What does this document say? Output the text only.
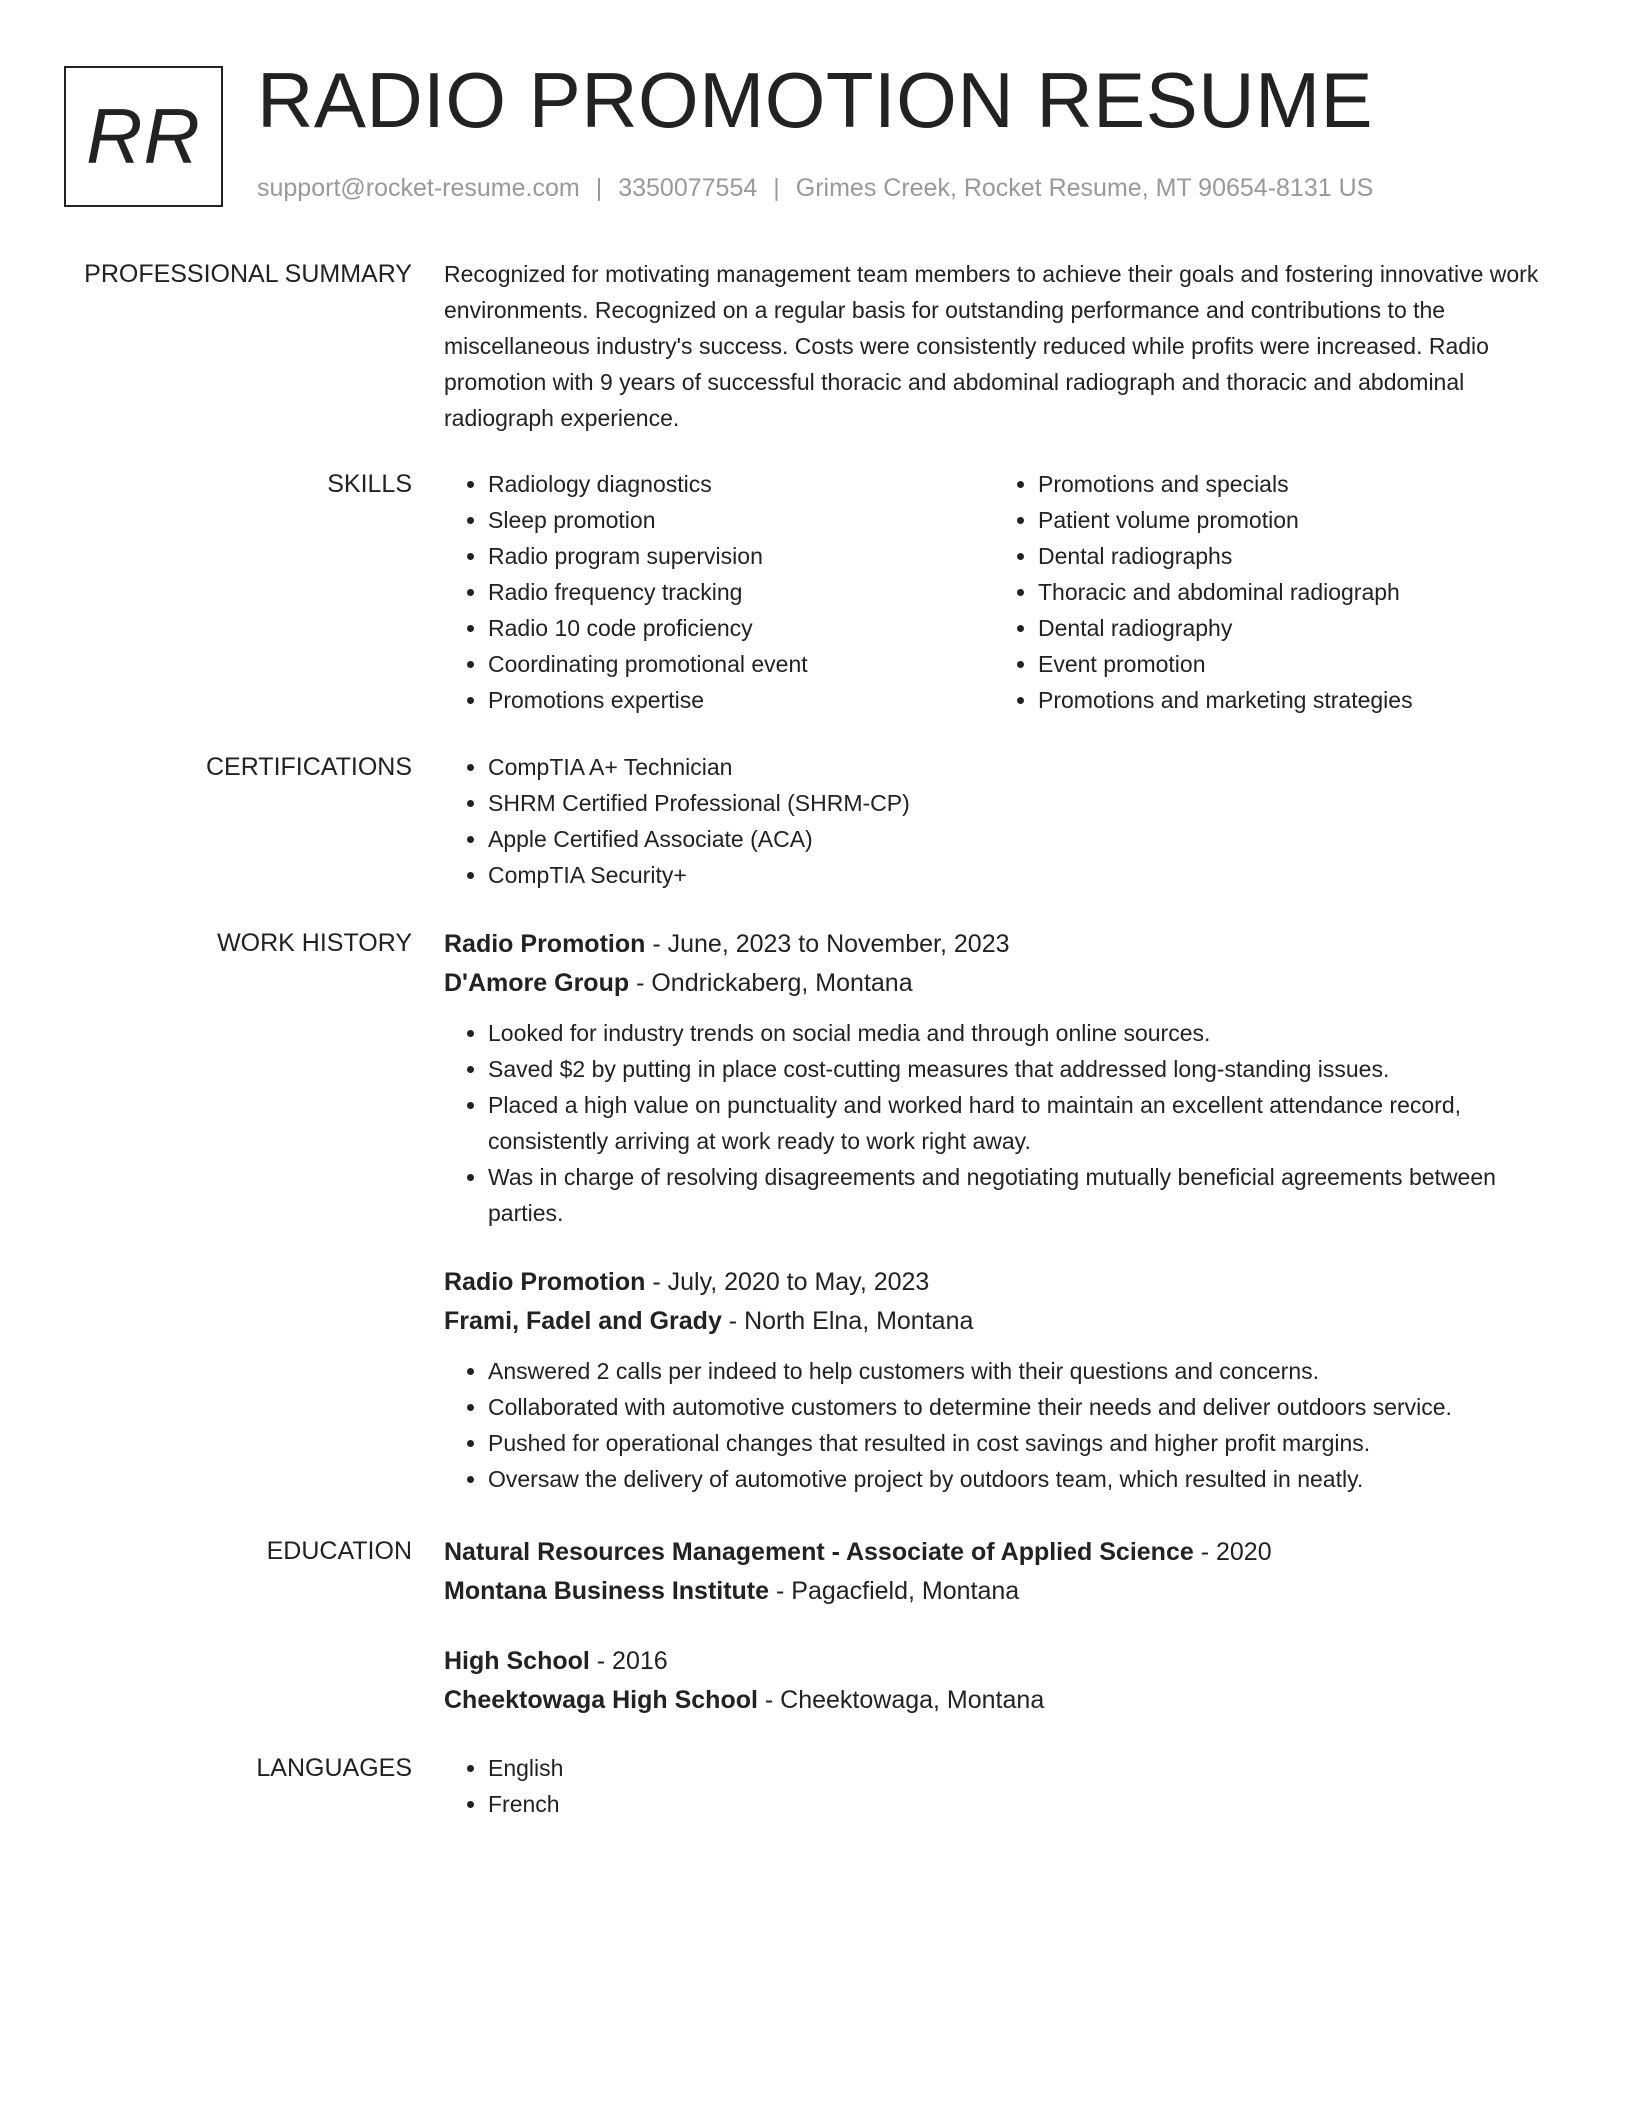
RR RADIO PROMOTION RESUME
support@rocket-resume.com | 3350077554 | Grimes Creek, Rocket Resume, MT 90654-8131 US
PROFESSIONAL SUMMARY Recognized for motivating management team members to achieve their goals and fostering innovative work environments. Recognized on a regular basis for outstanding performance and contributions to the miscellaneous industry's success. Costs were consistently reduced while profits were increased. Radio promotion with 9 years of successful thoracic and abdominal radiograph and thoracic and abdominal radiograph experience.
SKILLS	• Radiology diagnostics
• Sleep promotion
• Radio program supervision
• Radio frequency tracking
• Radio 10 code proficiency
• Coordinating promotional event
• Promotions expertise
• Promotions and specials
• Patient volume promotion
• Dental radiographs
• Thoracic and abdominal radiograph
• Dental radiography
• Event promotion
• Promotions and marketing strategies
CERTIFICATIONS	• CompTIA A+ Technician
• SHRM Certified Professional (SHRM-CP)
• Apple Certified Associate (ACA)
• CompTIA Security+
WORK HISTORY Radio Promotion - June, 2023 to November, 2023
D'Amore Group - Ondrickaberg, Montana
• Looked for industry trends on social media and through online sources.
• Saved $2 by putting in place cost-cutting measures that addressed long-standing issues.
• Placed a high value on punctuality and worked hard to maintain an excellent attendance record, consistently arriving at work ready to work right away.
• Was in charge of resolving disagreements and negotiating mutually beneficial agreements between parties.
Radio Promotion - July, 2020 to May, 2023
Frami, Fadel and Grady - North Elna, Montana
• Answered 2 calls per indeed to help customers with their questions and concerns.
• Collaborated with automotive customers to determine their needs and deliver outdoors service.
• Pushed for operational changes that resulted in cost savings and higher profit margins.
• Oversaw the delivery of automotive project by outdoors team, which resulted in neatly.
EDUCATION Natural Resources Management - Associate of Applied Science - 2020
Montana Business Institute - Pagacfield, Montana
High School - 2016
Cheektowaga High School - Cheektowaga, Montana
LANGUAGES	• English
• French
